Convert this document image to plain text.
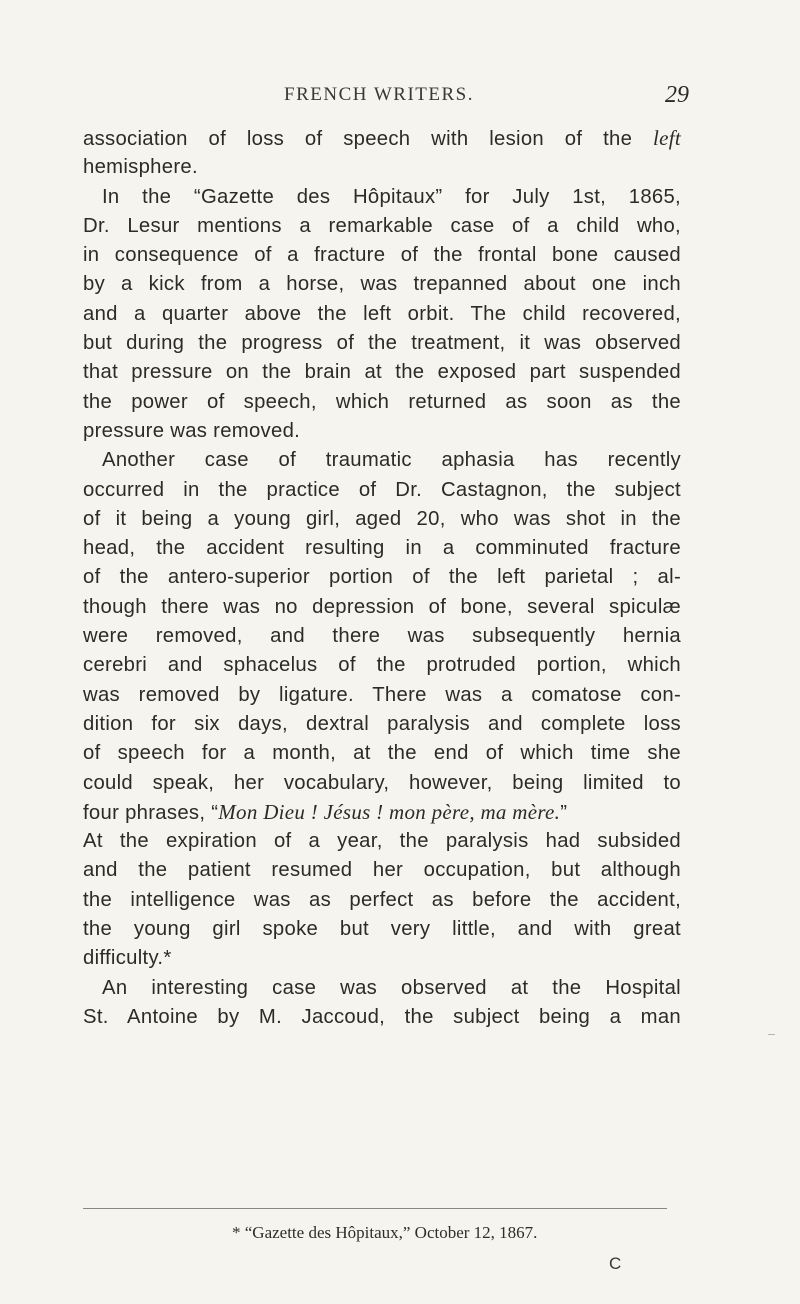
FRENCH WRITERS.	29
association of loss of speech with lesion of the left
hemisphere.
In the “Gazette des Hôpitaux” for July 1st, 1865,
Dr. Lesur mentions a remarkable case of a child who,
in consequence of a fracture of the frontal bone caused
by a kick from a horse, was trepanned about one inch
and a quarter above the left orbit. The child recovered,
but during the progress of the treatment, it was observed
that pressure on the brain at the exposed part suspended
the power of speech, which returned as soon as the
pressure was removed.
Another case of traumatic aphasia has recently
occurred in the practice of Dr. Castagnon, the subject
of it being a young girl, aged 20, who was shot in the
head, the accident resulting in a comminuted fracture
of the antero-superior portion of the left parietal ; al-
though there was no depression of bone, several spiculæ
were removed, and there was subsequently hernia
cerebri and sphacelus of the protruded portion, which
was removed by ligature. There was a comatose con-
dition for six days, dextral paralysis and complete loss
of speech for a month, at the end of which time she
could speak, her vocabulary, however, being limited to
four phrases, “Mon Dieu ! Jésus ! mon père, ma mère.”
At the expiration of a year, the paralysis had subsided
and the patient resumed her occupation, but although
the intelligence was as perfect as before the accident,
the young girl spoke but very little, and with great
difficulty.*
An interesting case was observed at the Hospital
St. Antoine by M. Jaccoud, the subject being a man
* “Gazette des Hôpitaux,” October 12, 1867.
C
